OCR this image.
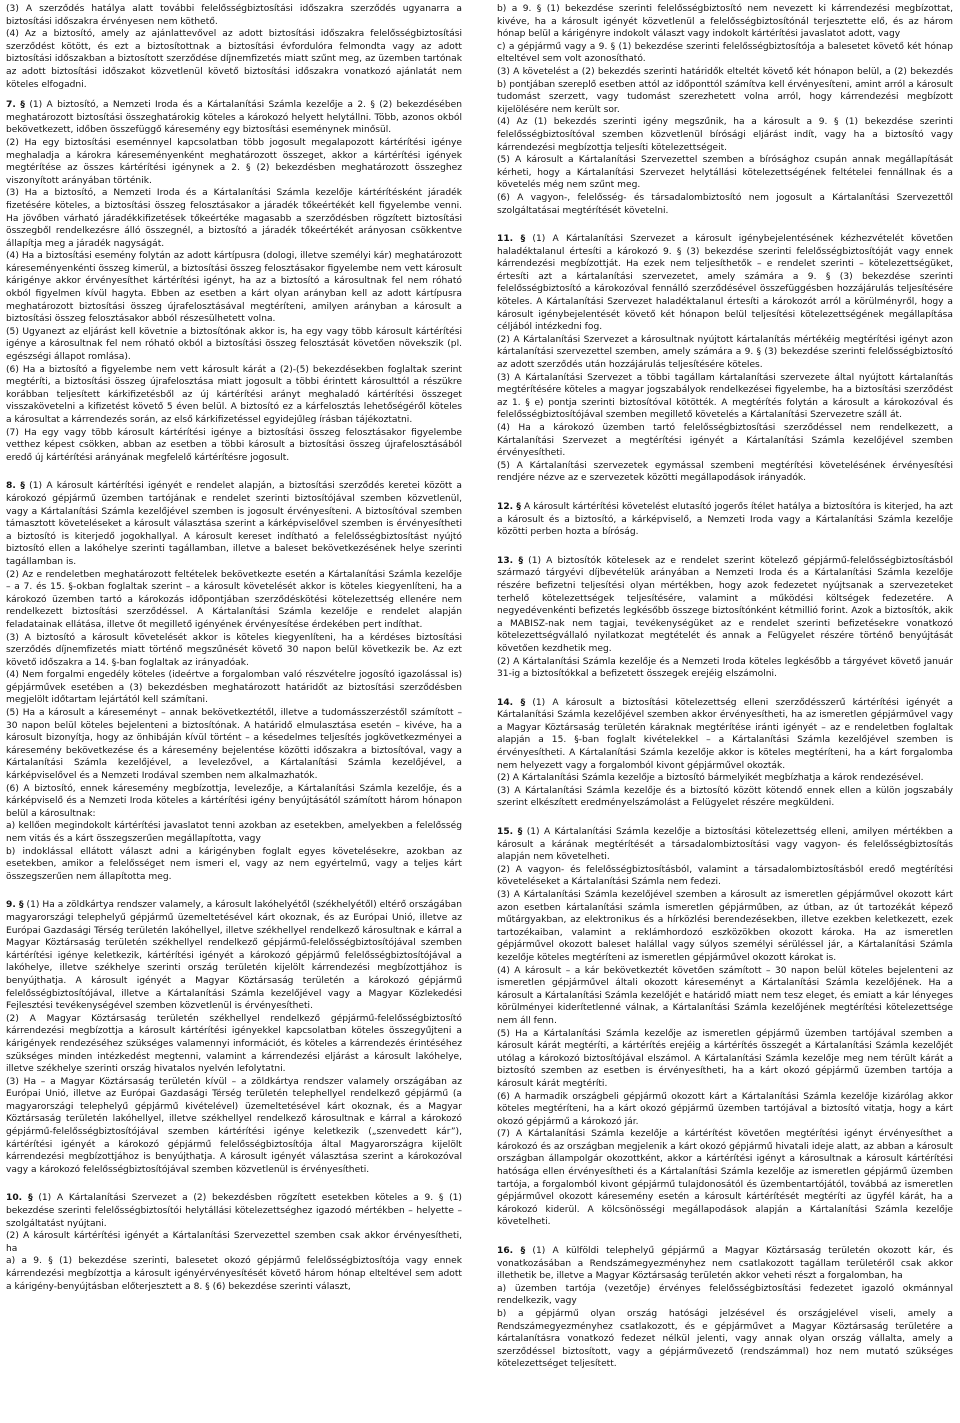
(3) A szerződés hatálya alatt további felelősségbiztosítási időszakra szerződés ugyanarra a biztosítási időszakra érvényesen nem köthető.

(4) Az a biztosító, amely az ajánlattevővel az adott biztosítási időszakra felelősségbiztosítási szerződést kötött, és ezt a biztosítottnak a biztosítási évfordulóra felmondta vagy az adott biztosítási időszakban a biztosított szerződése díjnemfizetés miatt szűnt meg, az üzemben tartónak az adott biztosítási időszakot közvetlenül követő biztosítási időszakra vonatkozó ajánlatát nem köteles elfogadni.

7. § (1) A biztosító, a Nemzeti Iroda és a Kártalanítási Számla kezelője a 2. § (2) bekezdésében meghatározott biztosítási összeghatárokig köteles a károkozó helyett helytállni. Több, azonos okból bekövetkezett, időben összefüggő káresemény egy biztosítási eseménynek minősül.

(2) Ha egy biztosítási eseménnyel kapcsolatban több jogosult megalapozott kártérítési igénye meghaladja a károkra káreseményenként meghatározott összeget, akkor a kártérítési igények megtérítése az összes kártérítési igénynek a 2. § (2) bekezdésben meghatározott összeghez viszonyított arányában történik.

(3) Ha a biztosító, a Nemzeti Iroda és a Kártalanítási Számla kezelője kártérítésként járadék fizetésére köteles, a biztosítási összeg felosztásakor a járadék tőkeértékét kell figyelembe venni. Ha jövőben várható járadékkifizetések tőkeértéke magasabb a szerződésben rögzített biztosítási összegből rendelkezésre álló összegnél, a biztosító a járadék tőkeértékét arányosan csökkentve állapítja meg a járadék nagyságát.

(4) Ha a biztosítási esemény folytán az adott kártípusra (dologi, illetve személyi kár) meghatározott káreseményenkénti összeg kimerül, a biztosítási összeg felosztásakor figyelembe nem vett károsult kárigénye akkor érvényesíthet kártérítési igényt, ha az a biztosító a károsultnak fel nem róható okból figyelmen kívül hagyta. Ebben az esetben a kárt olyan arányban kell az adott kártípusra meghatározott biztosítási összeg újrafelosztásával megtéríteni, amilyen arányban a károsult a biztosítási összeg felosztásakor abból részesülhetett volna.

(5) Ugyanezt az eljárást kell követnie a biztosítónak akkor is, ha egy vagy több károsult kártérítési igénye a károsultnak fel nem róható okból a biztosítási összeg felosztását követően növekszik (pl. egészségi állapot romlása).

(6) Ha a biztosító a figyelembe nem vett károsult kárát a (2)-(5) bekezdésekben foglaltak szerint megtéríti, a biztosítási összeg újrafelosztása miatt jogosult a többi érintett károsulttól a részükre korábban teljesített kárkifizetésből az új kártérítési arányt meghaladó kártérítési összeget visszakövetelni a kifizetést követő 5 éven belül. A biztosító ez a kárfelosztás lehetőségéről köteles a károsultat a kárrendezés során, az első kárkifizetéssel egyidejűleg írásban tájékoztatni.

(7) Ha egy vagy több károsult kártérítési igénye a biztosítási összeg felosztásakor figyelembe vetthez képest csökken, abban az esetben a többi károsult a biztosítási összeg újrafelosztásából eredő új kártérítési arányának megfelelő kártérítésre jogosult.

8. § (1) A károsult kártérítési igényét e rendelet alapján, a biztosítási szerződés keretei között a károkozó gépjármű üzemben tartójának e rendelet szerinti biztosítójával szemben közvetlenül, vagy a Kártalanítási Számla kezelőjével szemben is jogosult érvényesíteni. A biztosítóval szemben támasztott követeléseket a károsult választása szerint a kárképviselővel szemben is érvényesítheti a biztosító is kiterjedő jogokhallyal. A károsult kereset indítható a felelősségbiztosítást nyújtó biztosító ellen a lakóhelye szerinti tagállamban, illetve a baleset bekövetkezésének helye szerinti tagállamban is.

(2) Az e rendeletben meghatározott feltételek bekövetkezte esetén a Kártalanítási Számla kezelője – a 7. és 15. §-okban foglaltak szerint – a károsult követelését akkor is köteles kiegyenlíteni, ha a károkozó üzemben tartó a károkozás időpontjában szerződéskötési kötelezettség ellenére nem rendelkezett biztosítási szerződéssel. A Kártalanítási Számla kezelője e rendelet alapján feladatainak ellátása, illetve őt megillető igényének érvényesítése érdekében pert indíthat.

(3) A biztosító a károsult követelését akkor is köteles kiegyenlíteni, ha a kérdéses biztosítási szerződés díjnemfizetés miatt történő megszűnését követő 30 napon belül következik be. Az ezt követő időszakra a 14. §-ban foglaltak az irányadóak.

(4) Nem forgalmi engedély köteles (ideértve a forgalomban való részvételre jogosító igazolással is) gépjárművek esetében a (3) bekezdésben meghatározott határidőt az biztosítási szerződésben megjelölt időtartam lejártától kell számítani.

(5) Ha a károsult a káreseményt – annak bekövetkeztétől, illetve a tudomásszerzéstől számított – 30 napon belül köteles bejelenteni a biztosítónak. A határidő elmulasztása esetén – kivéve, ha a károsult bizonyítja, hogy az önhibáján kívül történt – a késedelmes teljesítés jogkövetkezményei a káresemény bekövetkezése és a káresemény bejelentése közötti időszakra a biztosítóval, vagy a Kártalanítási Számla kezelőjével, a levelezővel, a Kártalanítási Számla kezelőjével, a kárképviselővel és a Nemzeti Irodával szemben nem alkalmazhatók.

(6) A biztosító, ennek káresemény megbízottja, levelezője, a Kártalanítási Számla kezelője, és a kárképviselő és a Nemzeti Iroda köteles a kártérítési igény benyújtásától számított három hónapon belül a károsultnak:

a) kellően megindokolt kártérítési javaslatot tenni azokban az esetekben, amelyekben a felelősség nem vitás és a kárt összegszerűen megállapította, vagy

b) indoklással ellátott választ adni a kárigényben foglalt egyes követelésekre, azokban az esetekben, amikor a felelősséget nem ismeri el, vagy az nem egyértelmű, vagy a teljes kárt összegszerűen nem állapította meg.

9. § (1) Ha a zöldkártya rendszer valamely, a károsult lakóhelyétől (székhelyétől) eltérő országában magyarországi telephelyű gépjármű üzemeltetésével kárt okoznak, és az Európai Unió, illetve az Európai Gazdasági Térség területén lakóhellyel, illetve székhellyel rendelkező károsultnak e kárral a Magyar Köztársaság területén székhellyel rendelkező gépjármű-felelősségbiztosítójával szemben kártérítési igénye keletkezik, kártérítési igényét a károkozó gépjármű felelősségbiztosítójával a lakóhelye, illetve székhelye szerinti ország területén kijelölt kárrendezési megbízottjához is benyújthatja. A károsult igényét a Magyar Köztársaság területén a károkozó gépjármű felelősségbiztosítójával, illetve a Kártalanítási Számla kezelőjével vagy a Magyar Közlekedési Fejlesztési tevékenységével szemben közvetlenül is érvényesítheti.

(2) A Magyar Köztársaság területén székhellyel rendelkező gépjármű-felelősségbiztosító kárrendezési megbízottja a károsult kártérítési igényekkel kapcsolatban köteles összegyűjteni a kárigények rendezéséhez szükséges valamennyi információt, és köteles a kárrendezés érintéséhez szükséges minden intézkedést megtenni, valamint a kárrendezési eljárást a károsult lakóhelye, illetve székhelye szerinti ország hivatalos nyelvén lefolytatni.

(3) Ha – a Magyar Köztársaság területén kívül – a zöldkártya rendszer valamely országában az Európai Unió, illetve az Európai Gazdasági Térség területén telephellyel rendelkező gépjármű (a magyarországi telephelyű gépjármű kivételével) üzemeltetésével kárt okoznak, és a Magyar Köztársaság területén lakóhellyel, illetve székhellyel rendelkező károsultnak e kárral a károkozó gépjármű-felelősségbiztosítójával szemben kártérítési igénye keletkezik („szenvedett kár”), kártérítési igényét a károkozó gépjármű felelősségbiztosítója által Magyarországra kijelölt kárrendezési megbízottjához is benyújthatja. A károsult igényét választása szerint a károkozóval vagy a károkozó felelősségbiztosítójával szemben közvetlenül is érvényesítheti.

10. § (1) A Kártalanítási Szervezet a (2) bekezdésben rögzített esetekben köteles a 9. § (1) bekezdése szerinti felelősségbiztosítói helytállási kötelezettséghez igazodó mértékben – helyette – szolgáltatást nyújtani.

(2) A károsult kártérítési igényét a Kártalanítási Szervezettel szemben csak akkor érvényesítheti, ha

a) a 9. § (1) bekezdése szerinti, balesetet okozó gépjármű felelősségbiztosítója vagy ennek kárrendezési megbízottja a károsult igényérvényesítését követő három hónap elteltével sem adott a kárigény-benyújtásban előterjesztett a 8. § (6) bekezdése szerinti választ,

b) a 9. § (1) bekezdése szerinti felelősségbiztosító nem nevezett ki kárrendezési megbízottat, kivéve, ha a károsult igényét közvetlenül a felelősségbiztosítónál terjesztette elő, és az három hónap belül a kárigényre indokolt választ vagy indokolt kártérítési javaslatot adott, vagy

c) a gépjármű vagy a 9. § (1) bekezdése szerinti felelősségbiztosítója a balesetet követő két hónap elteltével sem volt azonosítható.

(3) A követelést a (2) bekezdés szerinti határidők elteltét követő két hónapon belül, a (2) bekezdés b) pontjában szereplő esetben attól az időponttól számítva kell érvényesíteni, amint arról a károsult tudomást szerzett, vagy tudomást szerezhetett volna arról, hogy kárrendezési megbízott kijelölésére nem került sor.

(4) Az (1) bekezdés szerinti igény megszűnik, ha a károsult a 9. § (1) bekezdése szerinti felelősségbiztosítóval szemben közvetlenül bírósági eljárást indít, vagy ha a biztosító vagy kárrendezési megbízottja teljesíti kötelezettségeit.

(5) A károsult a Kártalanítási Szervezettel szemben a bírósághoz csupán annak megállapítását kérheti, hogy a Kártalanítási Szervezet helytállási kötelezettségének feltételei fennállnak és a követelés még nem szűnt meg.

(6) A vagyon-, felelősség- és társadalombiztosító nem jogosult a Kártalanítási Szervezettől szolgáltatásai megtérítését követelni.

11. § (1) A Kártalanítási Szervezet a károsult igénybejelentésének kézhezvételét követően haladéktalanul értesíti a károkozó 9. § (3) bekezdése szerinti felelősségbiztosítóját vagy ennek kárrendezési megbízottját. Ha ezek nem teljesíthetők – e rendelet szerinti – kötelezettségüket, értesíti azt a kártalanítási szervezetet, amely számára a 9. § (3) bekezdése szerinti felelősségbiztosító a károkozóval fennálló szerződésével összefüggésben hozzájárulás teljesítésére köteles. A Kártalanítási Szervezet haladéktalanul értesíti a károkozót arról a körülményről, hogy a károsult igénybejelentését követő két hónapon belül teljesítési kötelezettségének megállapítása céljából intézkedni fog.

(2) A Kártalanítási Szervezet a károsultnak nyújtott kártalanítás mértékéig megtérítési igényt azon kártalanítási szervezettel szemben, amely számára a 9. § (3) bekezdése szerinti felelősségbiztosító az adott szerződés után hozzájárulás teljesítésére köteles.

(3) A Kártalanítási Szervezet a többi tagállam kártalanítási szervezete által nyújtott kártalanítás megtérítésére köteles a magyar jogszabályok rendelkezései figyelembe, ha a biztosítási szerződést az 1. § e) pontja szerinti biztosítóval kötötték. A megtérítés folytán a károsult a károkozóval és felelősségbiztosítójával szemben megillető követelés a Kártalanítási Szervezetre száll át.

(4) Ha a károkozó üzemben tartó felelősségbiztosítási szerződéssel nem rendelkezett, a Kártalanítási Szervezet a megtérítési igényét a Kártalanítási Számla kezelőjével szemben érvényesítheti.

(5) A Kártalanítási szervezetek egymással szembeni megtérítési követelésének érvényesítési rendjére nézve az e szervezetek közötti megállapodások irányadók.

12. § A károsult kártérítési követelést elutasító jogerős ítélet hatálya a biztosítóra is kiterjed, ha azt a károsult és a biztosító, a kárképviselő, a Nemzeti Iroda vagy a Kártalanítási Számla kezelője közötti perben hozta a bíróság.

13. § (1) A biztosítók kötelesek az e rendelet szerint kötelező gépjármű-felelősségbiztosításból származó tárgyévi díjbevételük arányában a Nemzeti Iroda és a Kártalanítási Számla kezelője részére befizetni teljesítési olyan mértékben, hogy azok fedezetet nyújtsanak a szervezeteket terhelő kötelezettségek teljesítésére, valamint a működési költségek fedezetére. A negyedévenkénti befizetés legkésőbb összege biztosítónként kétmillió forint. Azok a biztosítók, akik a MABISZ-nak nem tagjai, tevékenységüket az e rendelet szerinti befizetésekre vonatkozó kötelezettségvállaló nyilatkozat megtételét és annak a Felügyelet részére történő benyújtását követően kezdhetik meg.

(2) A Kártalanítási Számla kezelője és a Nemzeti Iroda köteles legkésőbb a tárgyévet követő január 31-ig a biztosítókkal a befizetett összegek erejéig elszámolni.

14. § (1) A károsult a biztosítási kötelezettség elleni szerződésszerű kártérítési igényét a Kártalanítási Számla kezelőjével szemben akkor érvényesítheti, ha az ismeretlen gépjárművel vagy a Magyar Köztársaság területén káraknak megtérítése iránti igényét – az e rendeletben foglaltak alapján a 15. §-ban foglalt kivételekkel – a Kártalanítási Számla kezelőjével szemben is érvényesítheti. A Kártalanítási Számla kezelője akkor is köteles megtéríteni, ha a kárt forgalomba nem helyezett vagy a forgalomból kivont gépjárművel okozták.

(2) A Kártalanítási Számla kezelője a biztosító bármelyikét megbízhatja a károk rendezésével.

(3) A Kártalanítási Számla kezelője és a biztosító között kötendő ennek ellen a külön jogszabály szerint elkészített eredményelszámolást a Felügyelet részére megküldeni.

15. § (1) A Kártalanítási Számla kezelője a biztosítási kötelezettség elleni, amilyen mértékben a károsult a kárának megtérítését a társadalombiztosítási vagy vagyon- és felelősségbiztosítás alapján nem követelheti.

(2) A vagyon- és felelősségbiztosításból, valamint a társadalombiztosításból eredő megtérítési követeléseket a Kártalanítási Számla nem fedezi.

(3) A Kártalanítási Számla kezelőjével szemben a károsult az ismeretlen gépjárművel okozott kárt azon esetben kártalanítási számla ismeretlen gépjárműben, az útban, az út tartozékát képező műtárgyakban, az elektronikus és a hírközlési berendezésekben, illetve ezekben keletkezett, ezek tartozékaiban, valamint a reklámhordozó eszközökben okozott károka. Ha az ismeretlen gépjárművel okozott baleset halállal vagy súlyos személyi sérüléssel jár, a Kártalanítási Számla kezelője köteles megtéríteni az ismeretlen gépjárművel okozott károkat is.

(4) A károsult – a kár bekövetkeztét követően számított – 30 napon belül köteles bejelenteni az ismeretlen gépjárművel általi okozott káreseményt a Kártalanítási Számla kezelőjének. Ha a károsult a Kártalanítási Számla kezelőjét e határidő miatt nem tesz eleget, és emiatt a kár lényeges körülményei kiderítetlenné válnak, a Kártalanítási Számla kezelőjének megtérítési kötelezettsége nem áll fenn.

(5) Ha a Kártalanítási Számla kezelője az ismeretlen gépjármű üzemben tartójával szemben a károsult kárát megtéríti, a kártérítés erejéig a kártérítés összegét a Kártalanítási Számla kezelőjét utólag a károkozó biztosítójával elszámol. A Kártalanítási Számla kezelője meg nem térült kárát a biztosító szemben az esetben is érvényesítheti, ha a kárt okozó gépjármű üzemben tartója a károsult kárát megtéríti.

(6) A harmadik országbeli gépjármű okozott kárt a Kártalanítási Számla kezelője kizárólag akkor köteles megtéríteni, ha a kárt okozó gépjármű üzemben tartójával a biztosító vitatja, hogy a kárt okozó gépjármű a károkozó jár.

(7) A Kártalanítási Számla kezelője a kártérítést követően megtérítési igényt érvényesíthet a károkozó és az országban megjelenik a kárt okozó gépjármű hivatali ideje alatt, az abban a károsult országban állampolgár okozottként, akkor a kártérítési igényt a károsultnak a károsult kártérítési hatósága ellen érvényesítheti és a Kártalanítási Számla kezelője az ismeretlen gépjármű üzemben tartója, a forgalomból kivont gépjármű tulajdonosától és üzembentartójától, továbbá az ismeretlen gépjárművel okozott káresemény esetén a károsult kártérítését megtéríti az ügyfél kárát, ha a károkozó kiderül. A kölcsönösségi megállapodások alapján a Kártalanítási Számla kezelője követelheti.

16. § (1) A külföldi telephelyű gépjármű a Magyar Köztársaság területén okozott kár, és vonatkozásában a Rendszámegyezményhez nem csatlakozott tagállam területéről csak akkor illethetik be, illetve a Magyar Köztársaság területén akkor veheti részt a forgalomban, ha

a) üzemben tartója (vezetője) érvényes felelősségbiztosítási fedezetet igazoló okmánnyal rendelkezik, vagy

b) a gépjármű olyan ország hatósági jelzésével és országjelével viseli, amely a Rendszámegyezményhez csatlakozott, és e gépjárművet a Magyar Köztársaság területére a kártalanításra vonatkozó fedezet nélkül jelenti, vagy annak olyan ország vállalta, amely a szerződéssel biztosított, vagy a gépjárművezető (rendszámmal) hoz nem mutató szükséges kötelezettséget teljesített.
